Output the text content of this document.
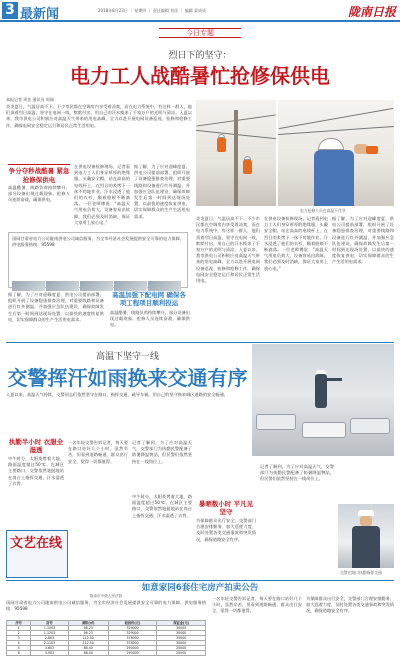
3 最新闻	2018年8月23日 ｜ 星期四 ｜ 责任编辑 刘佳 ｜ 编辑 姜成成	陇南日报
今日专题
烈日下的坚守：
电力工人战酷暑忙抢修保供电
本报记者 周佳 通讯员 周刚
炎炎夏日，气温居高不下。不少市民都在空调房内享受着凉爽，而在电力系统中，有这样一群人，他们顶着烈日高温，坚守在电网一线，默默付出，用自己的汗水换来了千家万户的光明与清凉。入夏以来，我市供电公司积极应对高温天气带来的用电高峰，全力以赴开展电网设备巡视、检修和抢修工作，确保电网安全稳定运行和居民正常生活用电。
争分夺秒战酷暑 紧急抢修保供电
高温酷暑，线路负荷持续攀升，部分设备出现过载现象。抢修人员连续奋战，确保供电。
在供电设备检修现场，记者看到电力工人们身穿厚厚的绝缘服，头戴安全帽，站在高高的电线杆上，在烈日的炙烤下一丝不苟地作业。汗水浸透了他们的衣衫，顺着脸颊不断滴落。一位老师傅说：“高温天气用电负荷大，设备容易出故障，我们必须及时消缺，保证大家用上放心电。”
据了解，为了应对迎峰度夏，供电公司提前部署，组织开展了设备隐患排查治理，对重要线路和设备进行红外测温，并加强应急队伍建设，确保故障发生后第一时间到达现场处置，以最快的速度恢复供电，切实保障群众的生产生活用电需求。
电力抢修人员在高温下作业
炎炎夏日，气温居高不下。不少市民都在空调房内享受着凉爽，而在电力系统中，有这样一群人，他们顶着烈日高温，坚守在电网一线，默默付出，用自己的汗水换来了千家万户的光明与清凉。入夏以来，我市供电公司积极应对高温天气带来的用电高峰，全力以赴开展电网设备巡视、检修和抢修工作，确保电网安全稳定运行和居民正常生活用电。
在供电设备检修现场，记者看到电力工人们身穿厚厚的绝缘服，头戴安全帽，站在高高的电线杆上，在烈日的炙烤下一丝不苟地作业。汗水浸透了他们的衣衫，顺着脸颊不断滴落。一位老师傅说：“高温天气用电负荷大，设备容易出故障，我们必须及时消缺，保证大家用上放心电。”
据了解，为了应对迎峰度夏，供电公司提前部署，组织开展了设备隐患排查治理，对重要线路和设备进行红外测温，并加强应急队伍建设，确保故障发生后第一时间到达现场处置，以最快的速度恢复供电，切实保障群众的生产生活用电需求。
国网甘肃省电力公司陇南供电公司诚信服务，为全市经济社会发展提供安全可靠的电力保障。供电服务热线：95598
据了解，为了应对迎峰度夏，供电公司提前部署，组织开展了设备隐患排查治理，对重要线路和设备进行红外测温，并加强应急队伍建设，确保故障发生后第一时间到达现场处置，以最快的速度恢复供电，切实保障群众的生产生活用电需求。
高温加强下配电网 确保各项工程项目顺利投运
高温酷暑，线路负荷持续攀升，部分设备出现过载现象。抢修人员连续奋战，确保供电。
高温下坚守一线
交警挥汗如雨换来交通有序
入夏以来，高温天气持续，交警同志们依然坚守在路口，指挥交通，疏导车辆，用自己的坚守换来城区道路的安全畅通。
执勤半小时 衣服全湿透
中午时分，太阳炙烤着大地，路面温度超过50℃。在城区主要路口，交警依然笔挺地站在岗台上指挥交通，汗水湿透了衣背。
一名年轻交警告诉记者，每天要在路口站好几个小时，虽然辛苦，但看到道路畅通，群众出行安全，觉得一切都值得。
记者了解到，为了应对高温天气，交警部门为执勤民警配备了防暑降温物品，但民警们依然坚持在一线岗位上。
暴晒数小时 平凡见坚守
为保障群众出行安全，交警部门合理安排勤务，加大巡逻力度，及时处置各类交通事故和突发情况，确保道路安全有序。
中午时分，太阳炙烤着大地，路面温度超过50℃。在城区主要路口，交警依然笔挺地站在岗台上指挥交通，汗水湿透了衣背。
记者了解到，为了应对高温天气，交警部门为执勤民警配备了防暑降温物品，但民警们依然坚持在一线岗位上。
交警在路口执勤指挥交通
文艺在线
如意家园6套住宅房产拍卖公告
陇南市中级人民法院
国网甘肃省电力公司陇南供电公司诚信服务，为全市经济社会发展提供安全可靠的电力保障。供电服务热线：95598
序号	房号	面积(㎡)	起拍价(元)	保证金(元)
1	1-1003	98.23	329000	30000
2	1-1203	98.23	329000	30000
3	2-803	112.50	378000	35000
4	2-1103	112.50	378000	35000
5	3-603	86.40	290000	25000
6	3-903	86.40	290000	25000
一名年轻交警告诉记者，每天要在路口站好几个小时，虽然辛苦，但看到道路畅通，群众出行安全，觉得一切都值得。
为保障群众出行安全，交警部门合理安排勤务，加大巡逻力度，及时处置各类交通事故和突发情况，确保道路安全有序。
